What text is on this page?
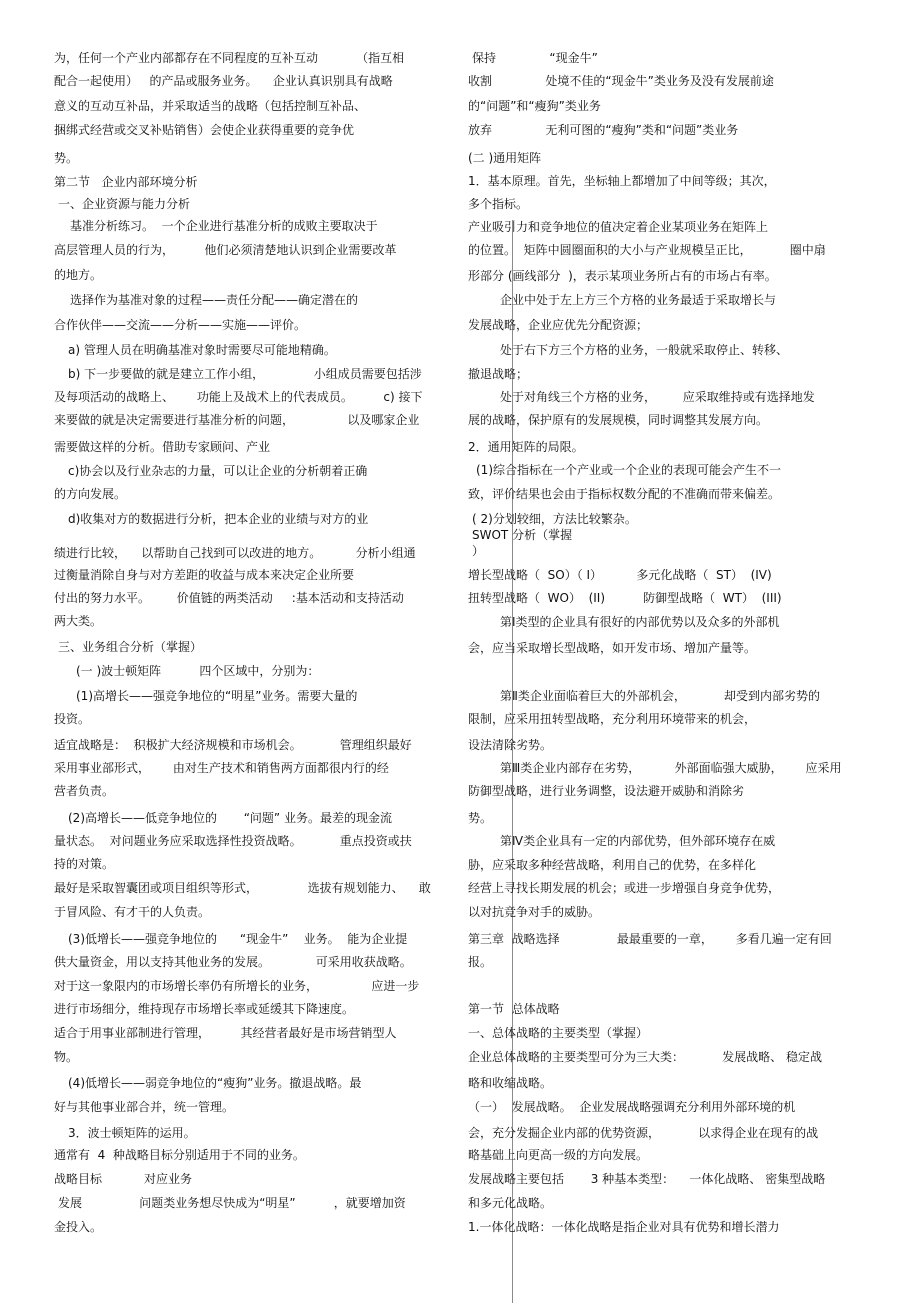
为，任何一个产业内部都存在不同程度的互补互动          （指互相
配合一起使用）   的产品或服务业务。    企业认真识别具有战略
意义的互动互补品，并采取适当的战略（包括控制互补品、
捆绑式经营或交叉补贴销售）会使企业获得重要的竞争优
势。
第二节   企业内部环境分析
一、企业资源与能力分析
基准分析练习。  一个企业进行基准分析的成败主要取决于
高层管理人员的行为，        他们必须清楚地认识到企业需要改革
的地方。
选择作为基准对象的过程——责任分配——确定潜在的
合作伙伴——交流——分析——实施——评价。
a) 管理人员在明确基准对象时需要尽可能地精确。
b) 下一步要做的就是建立工作小组，             小组成员需要包括涉
及每项活动的战略上、      功能上及战术上的代表成员。        c) 接下
来要做的就是决定需要进行基准分析的问题，              以及哪家企业
需要做这样的分析。借助专家顾问、产业
c)协会以及行业杂志的力量，可以让企业的分析朝着正确
的方向发展。
d)收集对方的数据进行分析，把本企业的业绩与对方的业
绩进行比较，    以帮助自己找到可以改进的地方。         分析小组通
过衡量消除自身与对方差距的收益与成本来决定企业所要
付出的努力水平。       价值链的两类活动     :基本活动和支持活动
两大类。
三、业务组合分析（掌握）
(一 )波士顿矩阵          四个区域中，分别为：
(1)高增长——强竞争地位的“明星”业务。需要大量的
投资。
适宜战略是：  积极扩大经济规模和市场机会。          管理组织最好
采用事业部形式，      由对生产技术和销售两方面都很内行的经
营者负责。
(2)高增长——低竞争地位的       “问题” 业务。最差的现金流
量状态。  对问题业务应采取选择性投资战略。          重点投资或扶
持的对策。
最好是采取智囊团或项目组织等形式，             选拔有规划能力、    敢
于冒风险、有才干的人负责。
(3)低增长——强竞争地位的      “现金牛”    业务。  能为企业提
供大量资金，用以支持其他业务的发展。            可采用收获战略。
对于这一象限内的市场增长率仍有所增长的业务，              应进一步
进行市场细分，维持现存市场增长率或延缓其下降速度。
适合于用事业部制进行管理，        其经营者最好是市场营销型人
物。
(4)低增长——弱竞争地位的“瘦狗”业务。撤退战略。最
好与其他事业部合并，统一管理。
3．波士顿矩阵的运用。
通常有  4  种战略目标分别适用于不同的业务。
战略目标           对应业务
发展               问题类业务想尽快成为“明星”          ，就要增加资
金投入。
保持              “现金牛”
收割              处境不佳的“现金牛”类业务及没有发展前途
的“问题”和“瘦狗”类业务
放弃              无利可图的“瘦狗”类和“问题”类业务
(二 )通用矩阵
1．基本原理。首先，坐标轴上都增加了中间等级；其次，
多个指标。
产业吸引力和竞争地位的值决定着企业某项业务在矩阵上
的位置。  矩阵中圆圈面积的大小与产业规模呈正比，          圈中扇
形部分 (画线部分  )，表示某项业务所占有的市场占有率。
企业中处于左上方三个方格的业务最适于采取增长与
发展战略，企业应优先分配资源；
处于右下方三个方格的业务，一般就采取停止、转移、
撤退战略；
处于对角线三个方格的业务，       应采取维持或有选择地发
展的战略，保护原有的发展规模，同时调整其发展方向。
2．通用矩阵的局限。
(1)综合指标在一个产业或一个企业的表现可能会产生不一
致，评价结果也会由于指标权数分配的不准确而带来偏差。
( 2)分划较细，方法比较繁杂。
SWOT 分析（掌握
）
增长型战略（  SO）（ I）         多元化战略（  ST）  (IV)
扭转型战略（  WO）  (II)          防御型战略（  WT）  (III)
第Ⅰ类型的企业具有很好的内部优势以及众多的外部机
会，应当采取增长型战略，如开发市场、增加产量等。
第Ⅱ类企业面临着巨大的外部机会，          却受到内部劣势的
限制，应采用扭转型战略，充分利用环境带来的机会，
设法清除劣势。
第Ⅲ类企业内部存在劣势，         外部面临强大威胁，      应采用
防御型战略，进行业务调整，设法避开威胁和消除劣
势。
第Ⅳ类企业具有一定的内部优势，但外部环境存在威
胁，应采取多种经营战略，利用自己的优势，在多样化
经营上寻找长期发展的机会；或进一步增强自身竞争优势，
以对抗竞争对手的威胁。
第三章  战略选择               最最重要的一章，      多看几遍一定有回
报。
第一节  总体战略
一、总体战略的主要类型（掌握）
企业总体战略的主要类型可分为三大类：          发展战略、 稳定战
略和收缩战略。
（一）  发展战略。  企业发展战略强调充分利用外部环境的机
会，充分发掘企业内部的优势资源，          以求得企业在现有的战
略基础上向更高一级的方向发展。
发展战略主要包括       3 种基本类型：    一体化战略、 密集型战略
和多元化战略。
1.一体化战略：一体化战略是指企业对具有优势和增长潜力
